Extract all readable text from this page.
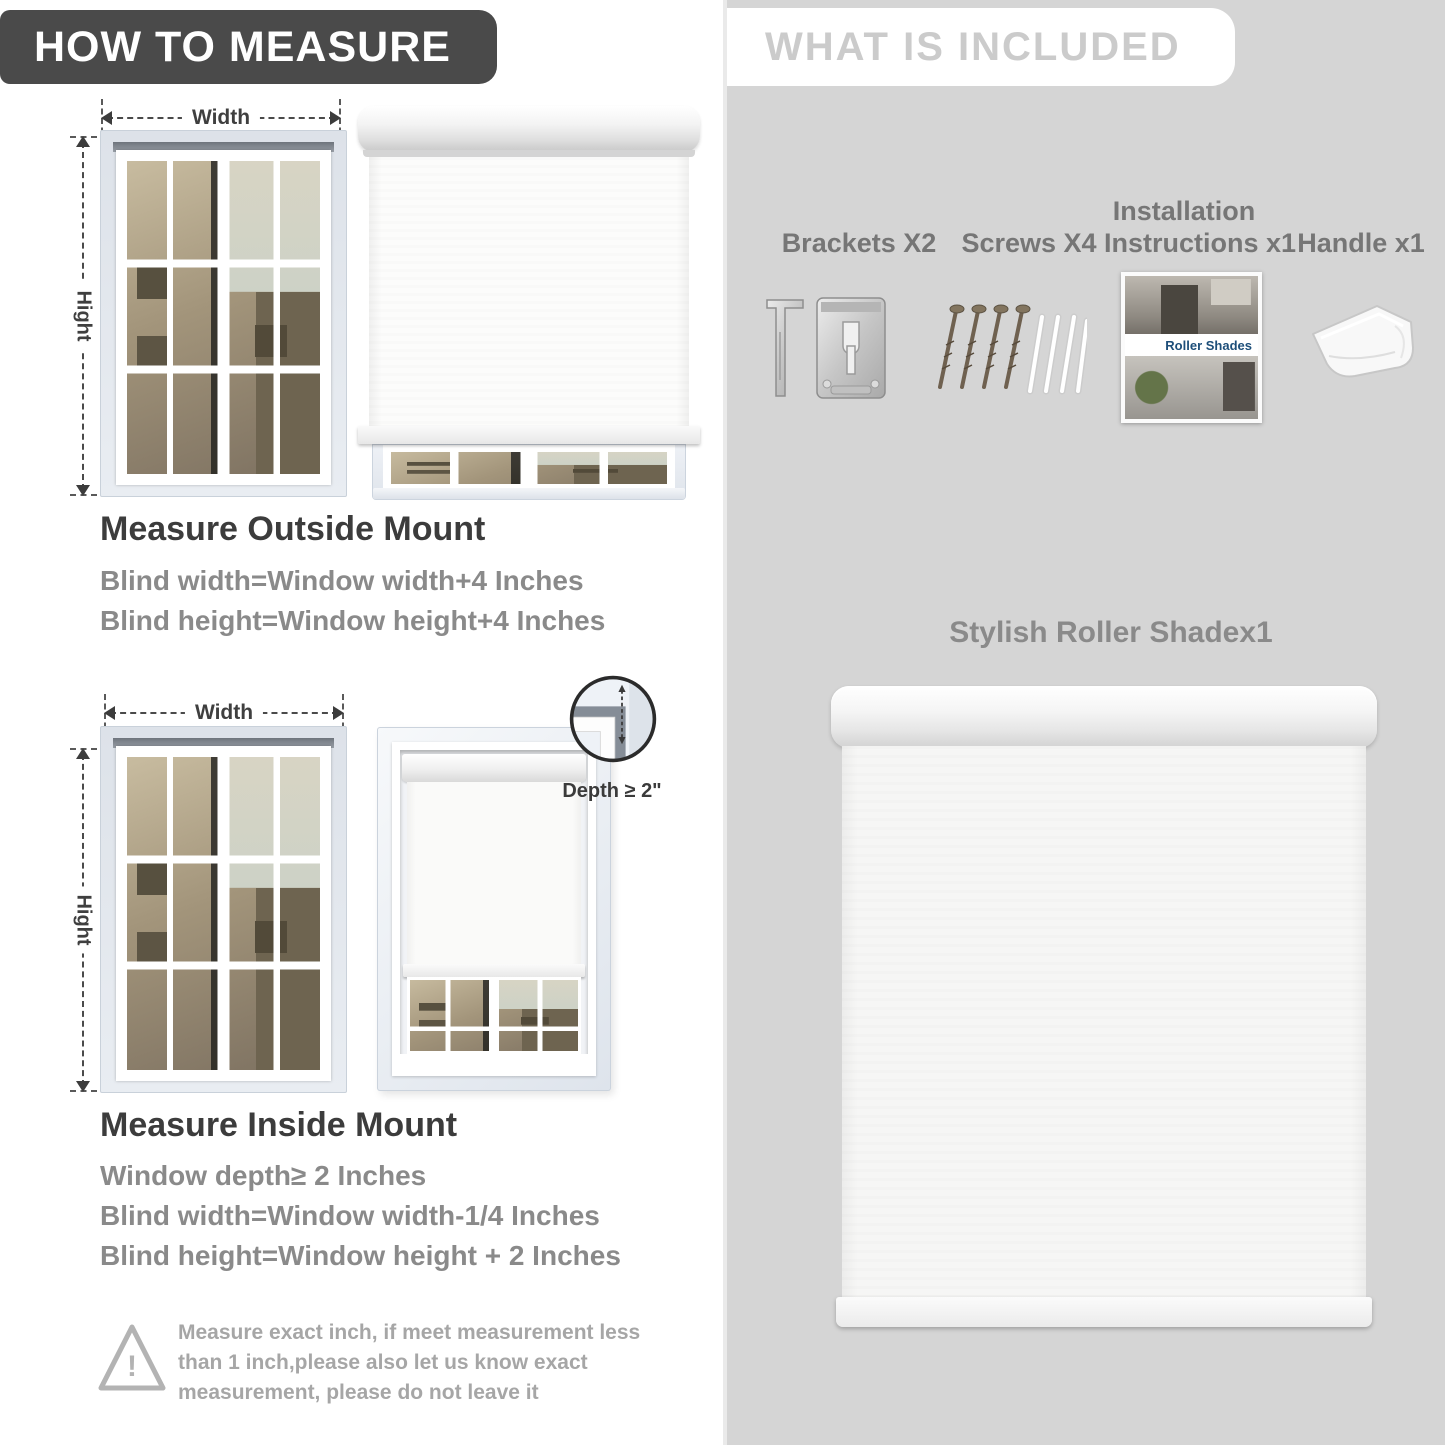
HOW TO MEASURE
Width
Hight
Measure Outside Mount
Blind width=Window width+4 Inches
Blind height=Window height+4 Inches
Width
Hight
Depth ≥ 2"
Measure Inside Mount
Window depth≥ 2 Inches
Blind width=Window width-1/4 Inches
Blind height=Window height + 2 Inches
!
Measure exact inch, if meet measurement less than 1 inch,please also let us know exact measurement, please do not leave it
WHAT IS INCLUDED
Brackets X2 Screws X4
Installation
Instructions x1 Handle x1
Roller Shades
Stylish Roller Shadex1
